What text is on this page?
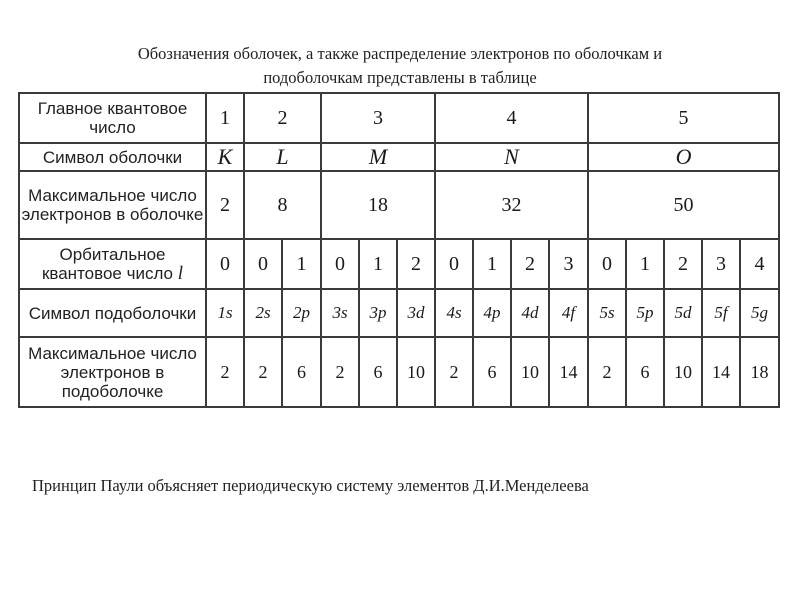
Обозначения оболочек, а также распределение электронов по оболочкам и
подоболочкам представлены в таблице
Главное квантовое число	1	2		3			4				5				
Символ оболочки	K	L		M			N				O				
Максимальное число электронов в оболочке	2	8		18			32				50				
Орбитальное квантовое число l	0	0	1	0	1	2	0	1	2	3	0	1	2	3	4
Символ подоболочки	1s	2s	2p	3s	3p	3d	4s	4p	4d	4f	5s	5p	5d	5f	5g
Максимальное число электронов в подоболочке	2	2	6	2	6	10	2	6	10	14	2	6	10	14	18
Принцип Паули объясняет периодическую систему элементов Д.И.Менделеева
